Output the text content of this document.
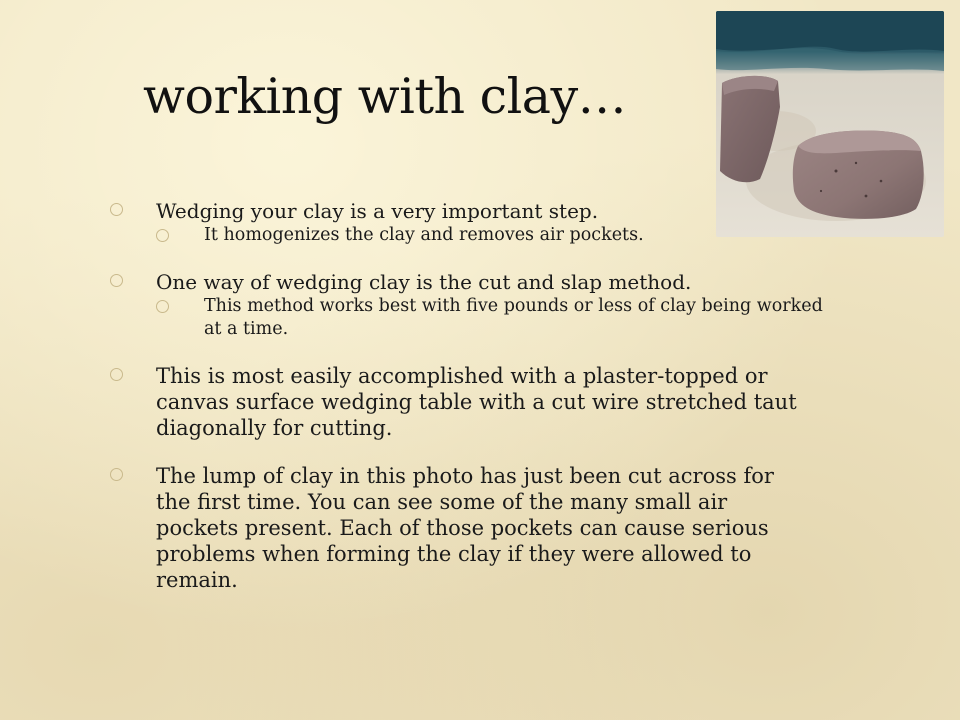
working with clay…
Wedging your clay is a very important step.
It homogenizes the clay and removes air pockets.
One way of wedging clay is the cut and slap method.
This method works best with five pounds or less of clay being worked at a time.
This is most easily accomplished with a plaster-topped or canvas surface wedging table with a cut wire stretched taut diagonally for cutting.
The lump of clay in this photo has just been cut across for the first time. You can see some of the many small air pockets present. Each of those pockets can cause serious problems when forming the clay if they were allowed to remain.
